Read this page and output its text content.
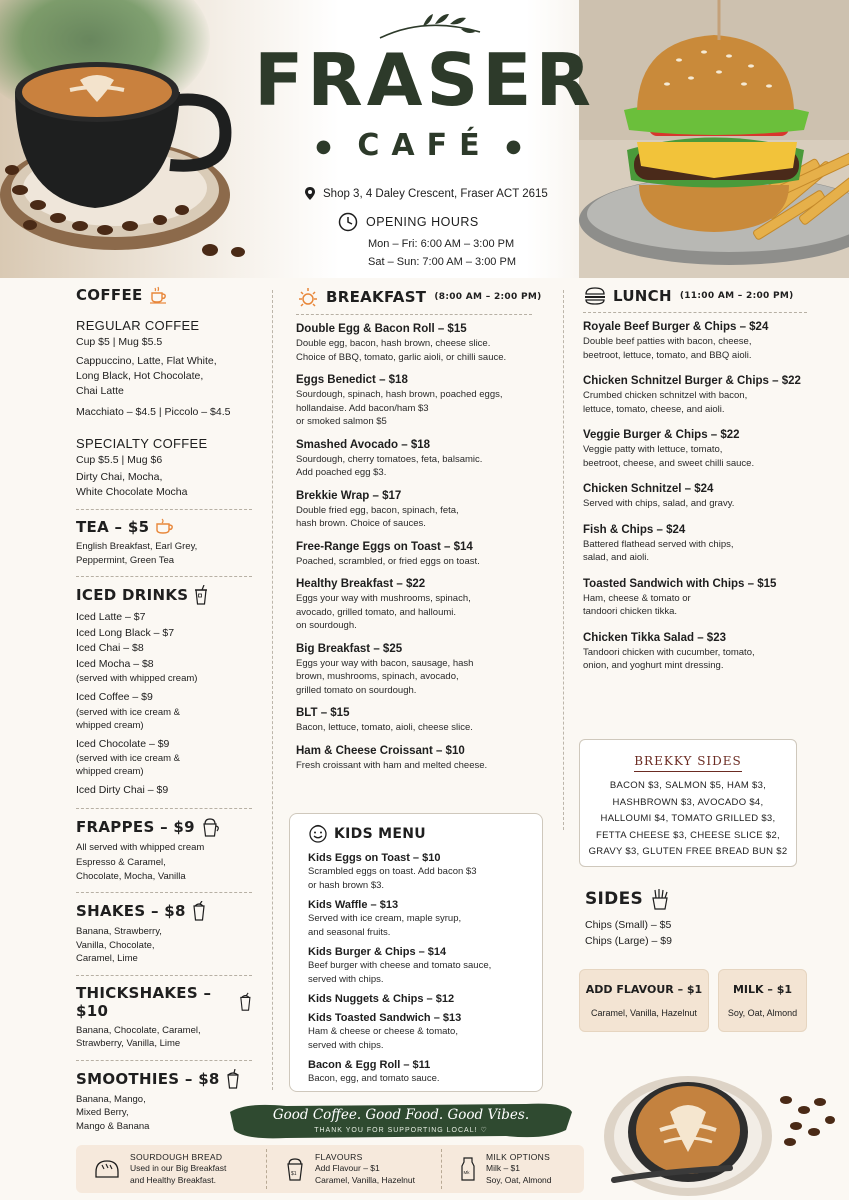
FRASER
● CAFÉ ●
Shop 3, 4 Daley Crescent, Fraser ACT 2615
OPENING HOURS
Mon – Fri: 6:00 AM – 3:00 PM
Sat – Sun: 7:00 AM – 3:00 PM
COFFEE
REGULAR COFFEE
Cup $5 | Mug $5.5
Cappuccino, Latte, Flat White,
Long Black, Hot Chocolate,
Chai Latte
Macchiato – $4.5 | Piccolo – $4.5
SPECIALTY COFFEE
Cup $5.5 | Mug $6
Dirty Chai, Mocha,
White Chocolate Mocha
TEA – $5
English Breakfast, Earl Grey,
Peppermint, Green Tea
ICED DRINKS
Iced Latte – $7
Iced Long Black – $7
Iced Chai – $8
Iced Mocha – $8
(served with whipped cream)
Iced Coffee – $9
(served with ice cream &
whipped cream)
Iced Chocolate – $9
(served with ice cream &
whipped cream)
Iced Dirty Chai – $9
FRAPPES – $9
All served with whipped cream
Espresso & Caramel,
Chocolate, Mocha, Vanilla
SHAKES – $8
Banana, Strawberry,
Vanilla, Chocolate,
Caramel, Lime
THICKSHAKES – $10
Banana, Chocolate, Caramel,
Strawberry, Vanilla, Lime
SMOOTHIES – $8
Banana, Mango,
Mixed Berry,
Mango & Banana
BREAKFAST (8:00 AM – 2:00 PM)
Double Egg & Bacon Roll – $15
Double egg, bacon, hash brown, cheese slice.
Choice of BBQ, tomato, garlic aioli, or chilli sauce.
Eggs Benedict – $18
Sourdough, spinach, hash brown, poached eggs,
hollandaise. Add bacon/ham $3
or smoked salmon $5
Smashed Avocado – $18
Sourdough, cherry tomatoes, feta, balsamic.
Add poached egg $3.
Brekkie Wrap – $17
Double fried egg, bacon, spinach, feta,
hash brown. Choice of sauces.
Free-Range Eggs on Toast – $14
Poached, scrambled, or fried eggs on toast.
Healthy Breakfast – $22
Eggs your way with mushrooms, spinach,
avocado, grilled tomato, and halloumi.
on sourdough.
Big Breakfast – $25
Eggs your way with bacon, sausage, hash
brown, mushrooms, spinach, avocado,
grilled tomato on sourdough.
BLT – $15
Bacon, lettuce, tomato, aioli, cheese slice.
Ham & Cheese Croissant – $10
Fresh croissant with ham and melted cheese.
KIDS MENU
Kids Eggs on Toast – $10
Scrambled eggs on toast. Add bacon $3
or hash brown $3.
Kids Waffle – $13
Served with ice cream, maple syrup,
and seasonal fruits.
Kids Burger & Chips – $14
Beef burger with cheese and tomato sauce,
served with chips.
Kids Nuggets & Chips – $12
Kids Toasted Sandwich – $13
Ham & cheese or cheese & tomato,
served with chips.
Bacon & Egg Roll – $11
Bacon, egg, and tomato sauce.
LUNCH (11:00 AM – 2:00 PM)
Royale Beef Burger & Chips – $24
Double beef patties with bacon, cheese,
beetroot, lettuce, tomato, and BBQ aioli.
Chicken Schnitzel Burger & Chips – $22
Crumbed chicken schnitzel with bacon,
lettuce, tomato, cheese, and aioli.
Veggie Burger & Chips – $22
Veggie patty with lettuce, tomato,
beetroot, cheese, and sweet chilli sauce.
Chicken Schnitzel – $24
Served with chips, salad, and gravy.
Fish & Chips – $24
Battered flathead served with chips,
salad, and aioli.
Toasted Sandwich with Chips – $15
Ham, cheese & tomato or
tandoori chicken tikka.
Chicken Tikka Salad – $23
Tandoori chicken with cucumber, tomato,
onion, and yoghurt mint dressing.
BREKKY SIDES
BACON $3, SALMON $5, HAM $3,
HASHBROWN $3, AVOCADO $4,
HALLOUMI $4, TOMATO GRILLED $3,
FETTA CHEESE $3, CHEESE SLICE $2,
GRAVY $3, GLUTEN FREE BREAD BUN $2
SIDES
Chips (Small) – $5
Chips (Large) – $9
ADD FLAVOUR – $1
Caramel, Vanilla, Hazelnut
MILK – $1
Soy, Oat, Almond
Good Coffee. Good Food. Good Vibes.
THANK YOU FOR SUPPORTING LOCAL! ♡
SOURDOUGH BREAD
Used in our Big Breakfast
and Healthy Breakfast.
$1
FLAVOURS
Add Flavour – $1
Caramel, Vanilla, Hazelnut
Mk
MILK OPTIONS
Milk – $1
Soy, Oat, Almond
